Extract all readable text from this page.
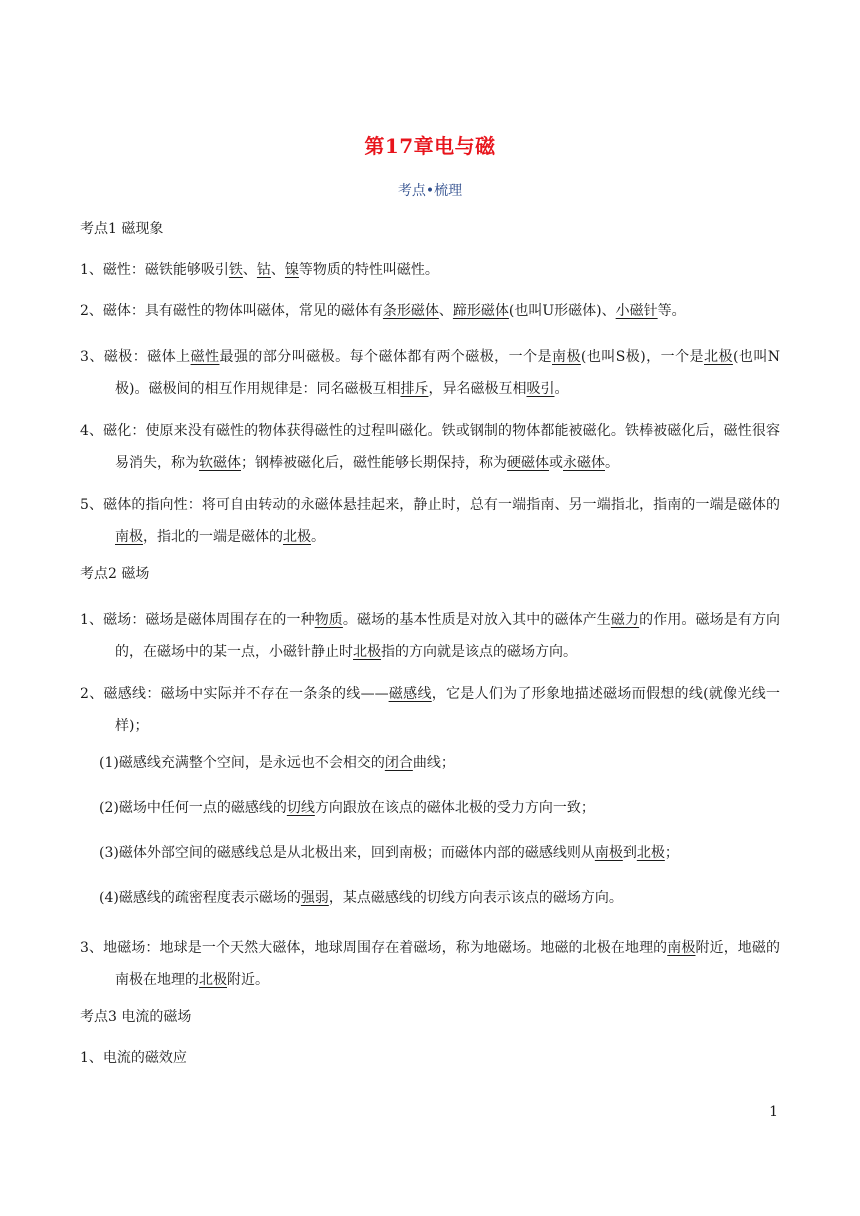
第17章电与磁
考点•梳理
考点1 磁现象
1、磁性：磁铁能够吸引铁、钴、镍等物质的特性叫磁性。
2、磁体：具有磁性的物体叫磁体，常见的磁体有条形磁体、蹄形磁体(也叫U形磁体)、小磁针等。
3、磁极：磁体上磁性最强的部分叫磁极。每个磁体都有两个磁极，一个是南极(也叫S极)，一个是北极(也叫N极)。磁极间的相互作用规律是：同名磁极互相排斥，异名磁极互相吸引。
4、磁化：使原来没有磁性的物体获得磁性的过程叫磁化。铁或钢制的物体都能被磁化。铁棒被磁化后，磁性很容易消失，称为软磁体；钢棒被磁化后，磁性能够长期保持，称为硬磁体或永磁体。
5、磁体的指向性：将可自由转动的永磁体悬挂起来，静止时，总有一端指南、另一端指北，指南的一端是磁体的南极，指北的一端是磁体的北极。
考点2 磁场
1、磁场：磁场是磁体周围存在的一种物质。磁场的基本性质是对放入其中的磁体产生磁力的作用。磁场是有方向的，在磁场中的某一点，小磁针静止时北极指的方向就是该点的磁场方向。
2、磁感线：磁场中实际并不存在一条条的线——磁感线，它是人们为了形象地描述磁场而假想的线(就像光线一样)；
(1)磁感线充满整个空间，是永远也不会相交的闭合曲线；
(2)磁场中任何一点的磁感线的切线方向跟放在该点的磁体北极的受力方向一致；
(3)磁体外部空间的磁感线总是从北极出来，回到南极；而磁体内部的磁感线则从南极到北极；
(4)磁感线的疏密程度表示磁场的强弱，某点磁感线的切线方向表示该点的磁场方向。
3、地磁场：地球是一个天然大磁体，地球周围存在着磁场，称为地磁场。地磁的北极在地理的南极附近，地磁的南极在地理的北极附近。
考点3 电流的磁场
1、电流的磁效应
1
